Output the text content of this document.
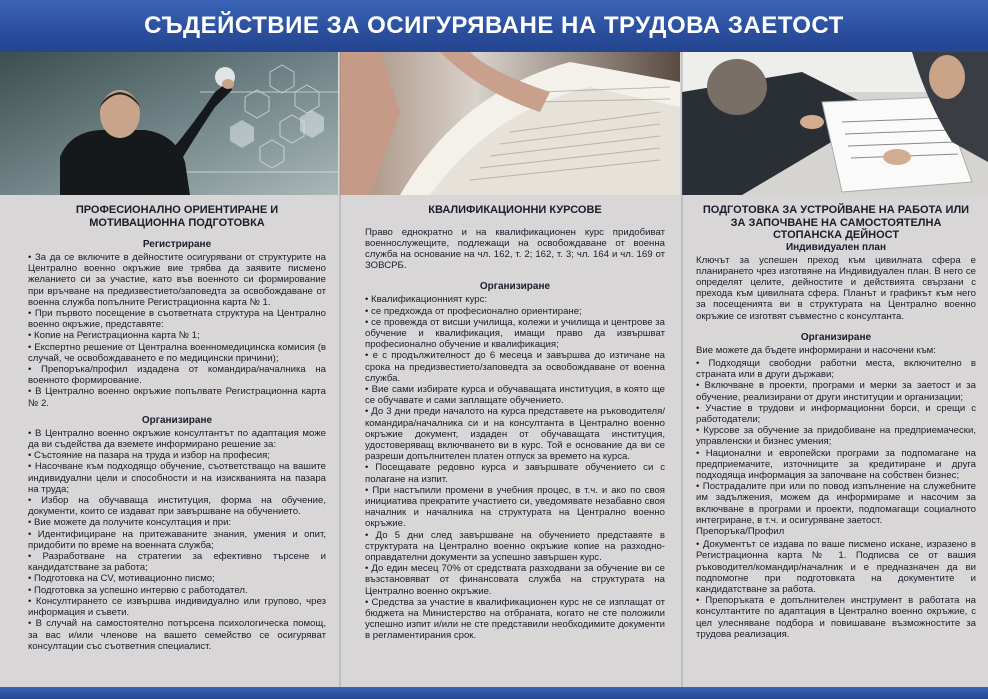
СЪДЕЙСТВИЕ ЗА ОСИГУРЯВАНЕ НА ТРУДОВА ЗАЕТОСТ
ПРОФЕСИОНАЛНО ОРИЕНТИРАНЕ И МОТИВАЦИОННА ПОДГОТОВКА
Регистриране
• За да се включите в дейностите осигурявани от структурите на Централно военно окръжие вие трябва да заявите писмено желанието си за участие, като във военното си формирование при връчване на предизвестието/заповедта за освобождаване от военна служба попълните Регистрационна карта № 1.
• При първото посещение в съответната структура на Централно военно окръжие, представяте:
• Копие на Регистрационна карта № 1;
• Експертно решение от Централна военномедицинска комисия (в случай, че освобождаването е по медицински причини);
• Препоръка/профил издадена от командира/началника на военното формирование.
• В Централно военно окръжие попълвате Регистрационна карта № 2.
Организиране
• В Централно военно окръжие консултантът по адаптация може да ви съдейства да вземете информирано решение за:
• Състояние на пазара на труда и избор на професия;
• Насочване към подходящо обучение, съответстващо на вашите индивидуални цели и способности и на изискванията на пазара на труда;
• Избор на обучаваща институция, форма на обучение, документи, които се издават при завършване на обучението.
• Вие можете да получите консултация и при:
• Идентифициране на притежаваните знания, умения и опит, придобити по време на военната служба;
• Разработване на стратегии за ефективно търсене и кандидатстване за работа;
• Подготовка на CV, мотивационно писмо;
• Подготовка за успешно интервю с работодател.
• Консултирането се извършва индивидуално или групово, чрез информация и съвети.
• В случай на самостоятелно потърсена психологическа помощ, за вас и/или членове на вашето семейство се осигуряват консултации със съответния специалист.
КВАЛИФИКАЦИОННИ КУРСОВЕ

Право еднократно и на квалификационен курс придобиват военнослужещите, подлежащи на освобождаване от военна служба на основание на чл. 162, т. 2; 162, т. 3; чл. 164 и чл. 169 от ЗОВСРБ.

Организиране
• Квалификационният курс:
• се предхожда от професионално ориентиране;
• се провежда от висши училища, колежи и училища и центрове за обучение и квалификация, имащи право да извършват професионално обучение и квалификация;
• е с продължителност до 6 месеца и завършва до изтичане на срока на предизвестието/заповедта за освобождаване от военна служба.
• Вие сами избирате курса и обучаващата институция, в която ще се обучавате и сами заплащате обучението.
• До 3 дни преди началото на курса представете на ръководителя/командира/началника си и на консултанта в Централно военно окръжие документ, издаден от обучаващата институция, удостоверяващ включването ви в курс. Той е основание да ви се разреши допълнителен платен отпуск за времето на курса.
• Посещавате редовно курса и завършвате обучението си с полагане на изпит.
• При настъпили промени в учебния процес, в т.ч. и ако по своя инициатива прекратите участието си, уведомявате незабавно своя началник и началника на структурата на Централно военно окръжие.
• До 5 дни след завършване на обучението представяте в структурата на Централно военно окръжие копие на разходно-оправдателни документи за успешно завършен курс.
• До един месец 70% от средствата разходвани за обучение ви се възстановяват от финансовата служба на структурата на Централно военно окръжие.
• Средства за участие в квалификационен курс не се изплащат от бюджета на Министерство на отбраната, когато не сте положили успешно изпит и/или не сте представили необходимите документи в регламентирания срок.
ПОДГОТОВКА ЗА УСТРОЙВАНЕ НА РАБОТА ИЛИ ЗА ЗАПОЧВАНЕ НА САМОСТОЯТЕЛНА СТОПАНСКА ДЕЙНОСТ
Индивидуален план

Ключът за успешен преход към цивилната сфера е планирането чрез изготвяне на Индивидуален план. В него се определят целите, дейностите и действията свързани с прехода към цивилната сфера. Планът и графикът към него за посещенията ви в структурата на Централно военно окръжие се изготвят съвместно с консултанта.

Организиране

Вие можете да бъдете информирани и насочени към:

• Подходящи свободни работни места, включително в страната или в други държави;
• Включване в проекти, програми и мерки за заетост и за обучение, реализирани от други институции и организации;
• Участие в трудови и информационни борси, и срещи с работодатели;
• Курсове за обучение за придобиване на предприемачески, управленски и бизнес умения;
• Национални и европейски програми за подпомагане на предприемачите, източниците за кредитиране и друга подходяща информация за започване на собствен бизнес;
• Пострадалите при или по повод изпълнение на служебните им задължения, можем да информираме и насочим за включване в програми и проекти, подпомагащи социалното интегриране, в т.ч. и осигуряване заетост.

Препоръка/Профил

• Документът се издава по ваше писмено искане, изразено в Регистрационна карта № 1. Подписва се от вашия ръководител/командир/началник и е предназначен да ви подпомогне при подготовката на документите и кандидатстване за работа.
• Препоръката е допълнителен инструмент в работата на консултантите по адаптация в Централно военно окръжие, с цел улесняване подбора и повишаване възможностите за трудова реализация.
